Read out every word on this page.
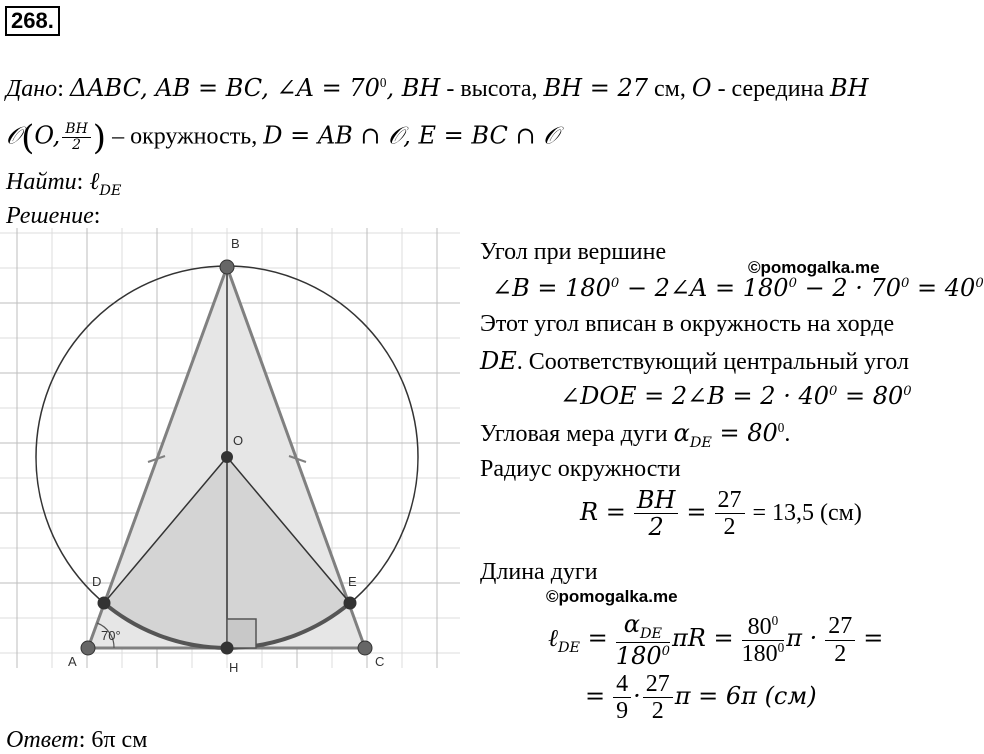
268.
Дано: ΔABC, AB = BC, ∠A = $70^0$, BH - высота, BH = 27 см, O - середина BH
𝒪(O, $\frac{BH}{2}$ ) – окружность, D = AB ∩ 𝒪, E = BC ∩ 𝒪
Найти: ℓ$_{DE}$
Решение:
B
A	C
H
O
D	E
70°
Угол при вершине
©pomogalka.me
∠B = $180^0$ − 2∠A = $180^0 - 2 \cdot 70^0 = 40^0$
Этот угол вписан в окружность на хорде
DE. Соответствующий центральный угол
∠DOE = 2∠B = $2 \cdot 40^0 = 80^0$
Угловая мера дуги $\alpha_{DE} = 80^0$.
Радиус окружности
$R = \frac{BH}{2} = \frac{27}{2} = 13,5$ (см)
Длина дуги
©pomogalka.me
ℓ$_{DE}$ = $\frac{\alpha_{DE}}{180^0}$ $\pi R = \frac{80^0}{180^0}$ $\pi \cdot \frac{27}{2}$ =
= $\frac{4}{9} \cdot \frac{27}{2}$ π = 6π (см)
Ответ: 6π см
